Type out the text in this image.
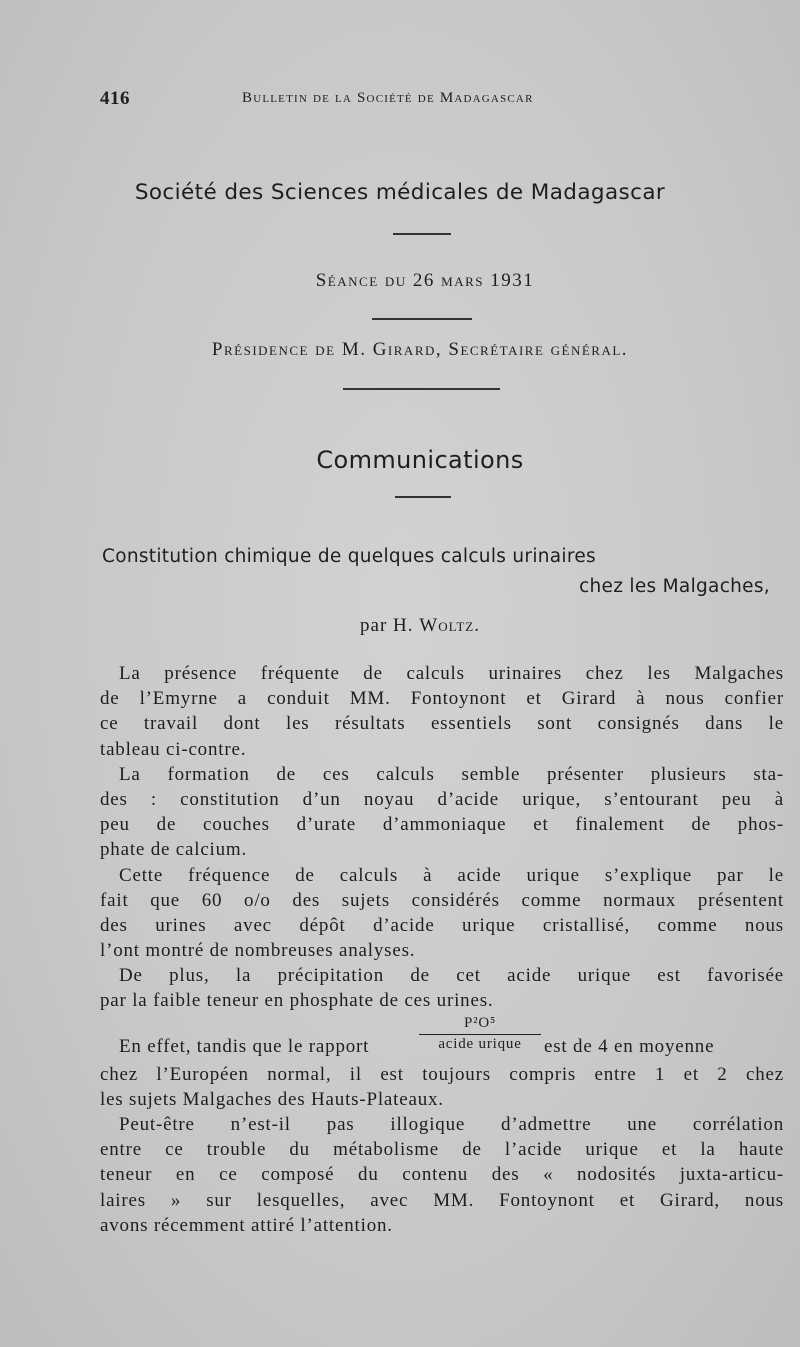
416	Bulletin de la Société de Madagascar
Société des Sciences médicales de Madagascar
Séance du 26 mars 1931
Présidence de M. Girard, Secrétaire général.
Communications
Constitution chimique de quelques calculs urinaires
chez les Malgaches,
par H. Woltz.
La présence fréquente de calculs urinaires chez les Malgaches
de l’Emyrne a conduit MM. Fontoynont et Girard à nous confier
ce travail dont les résultats essentiels sont consignés dans le
tableau ci-contre.
La formation de ces calculs semble présenter plusieurs sta-
des : constitution d’un noyau d’acide urique, s’entourant peu à
peu de couches d’urate d’ammoniaque et finalement de phos-
phate de calcium.
Cette fréquence de calculs à acide urique s’explique par le
fait que 60 o/o des sujets considérés comme normaux présentent
des urines avec dépôt d’acide urique cristallisé, comme nous
l’ont montré de nombreuses analyses.
De plus, la précipitation de cet acide urique est favorisée
par la faible teneur en phosphate de ces urines.
En effet, tandis que le rapport
P²O⁵
acide urique	est de 4 en moyenne
chez l’Européen normal, il est toujours compris entre 1 et 2 chez
les sujets Malgaches des Hauts-Plateaux.
Peut-être n’est-il pas illogique d’admettre une corrélation
entre ce trouble du métabolisme de l’acide urique et la haute
teneur en ce composé du contenu des « nodosités juxta-articu-
laires » sur lesquelles, avec MM. Fontoynont et Girard, nous
avons récemment attiré l’attention.
